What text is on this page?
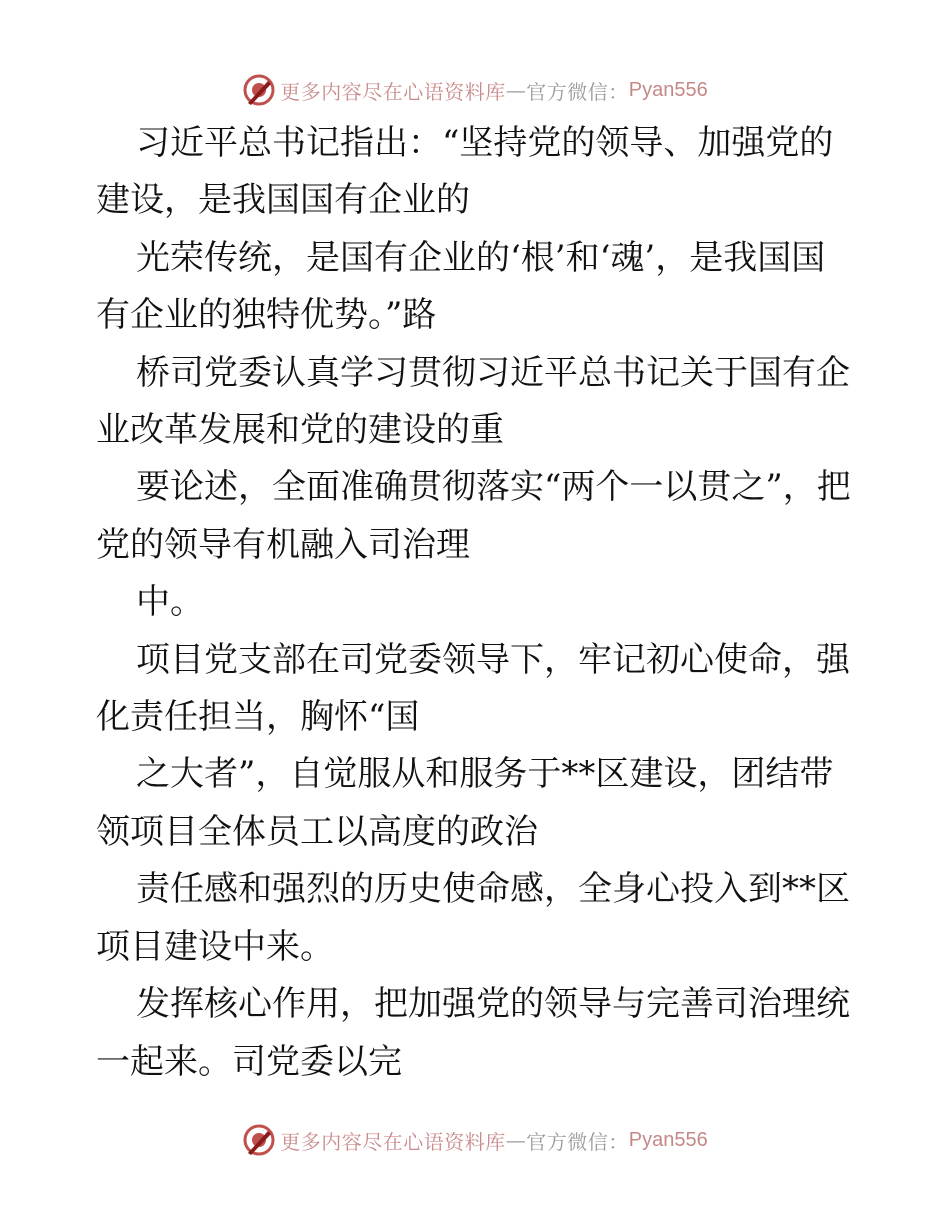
更多内容尽在心语资料库 — 官方微信： Pyan556

习近平总书记指出：“坚持党的领导、加强党的建设，是我国国有企业的

光荣传统，是国有企业的‘根’和‘魂’，是我国国有企业的独特优势。”路

桥司党委认真学习贯彻习近平总书记关于国有企业改革发展和党的建设的重

要论述，全面准确贯彻落实“两个一以贯之”，把党的领导有机融入司治理

中。

项目党支部在司党委领导下，牢记初心使命，强化责任担当，胸怀“国

之大者”，自觉服从和服务于**区建设，团结带领项目全体员工以高度的政治

责任感和强烈的历史使命感，全身心投入到**区项目建设中来。

发挥核心作用，把加强党的领导与完善司治理统一起来。司党委以完

更多内容尽在心语资料库 — 官方微信： Pyan556
